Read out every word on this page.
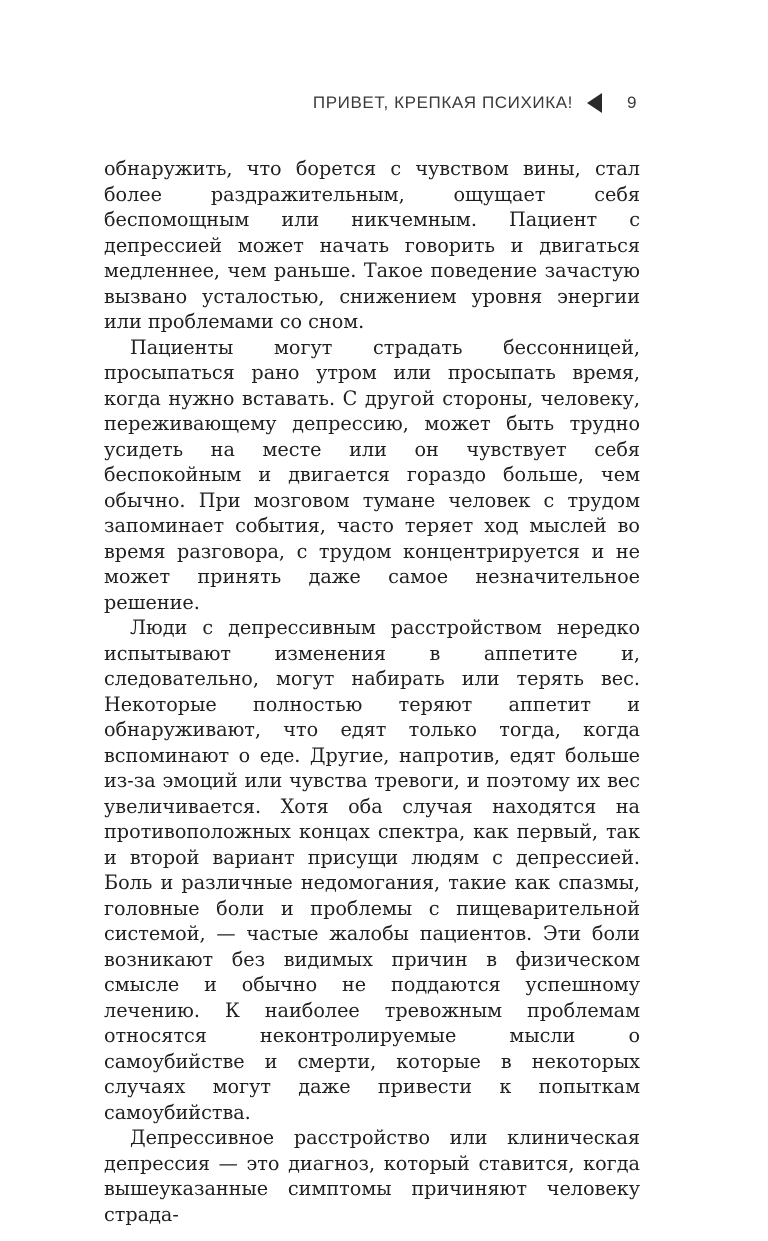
ПРИВЕТ, КРЕПКАЯ ПСИХИКА!	9

обнаружить, что борется с чувством вины, стал более раздражительным, ощущает себя беспомощным или никчемным. Пациент с депрессией может начать говорить и двигаться медленнее, чем раньше. Такое поведение зачастую вызвано усталостью, снижением уровня энергии или проблемами со сном.

Пациенты могут страдать бессонницей, просыпаться рано утром или просыпать время, когда нужно вставать. С другой стороны, человеку, переживающему депрессию, может быть трудно усидеть на месте или он чувствует себя беспокойным и двигается гораздо больше, чем обычно. При мозговом тумане человек с трудом запоминает события, часто теряет ход мыслей во время разговора, с трудом концентрируется и не может принять даже самое незначительное решение.

Люди с депрессивным расстройством нередко испытывают изменения в аппетите и, следовательно, могут набирать или терять вес. Некоторые полностью теряют аппетит и обнаруживают, что едят только тогда, когда вспоминают о еде. Другие, напротив, едят больше из-за эмоций или чувства тревоги, и поэтому их вес увеличивается. Хотя оба случая находятся на противоположных концах спектра, как первый, так и второй вариант присущи людям с депрессией. Боль и различные недомогания, такие как спазмы, головные боли и проблемы с пищеварительной системой, — частые жалобы пациентов. Эти боли возникают без видимых причин в физическом смысле и обычно не поддаются успешному лечению. К наиболее тревожным проблемам относятся неконтролируемые мысли о самоубийстве и смерти, которые в некоторых случаях могут даже привести к попыткам самоубийства.

Депрессивное расстройство или клиническая депрессия — это диагноз, который ставится, когда вышеуказанные симптомы причиняют человеку страда-
